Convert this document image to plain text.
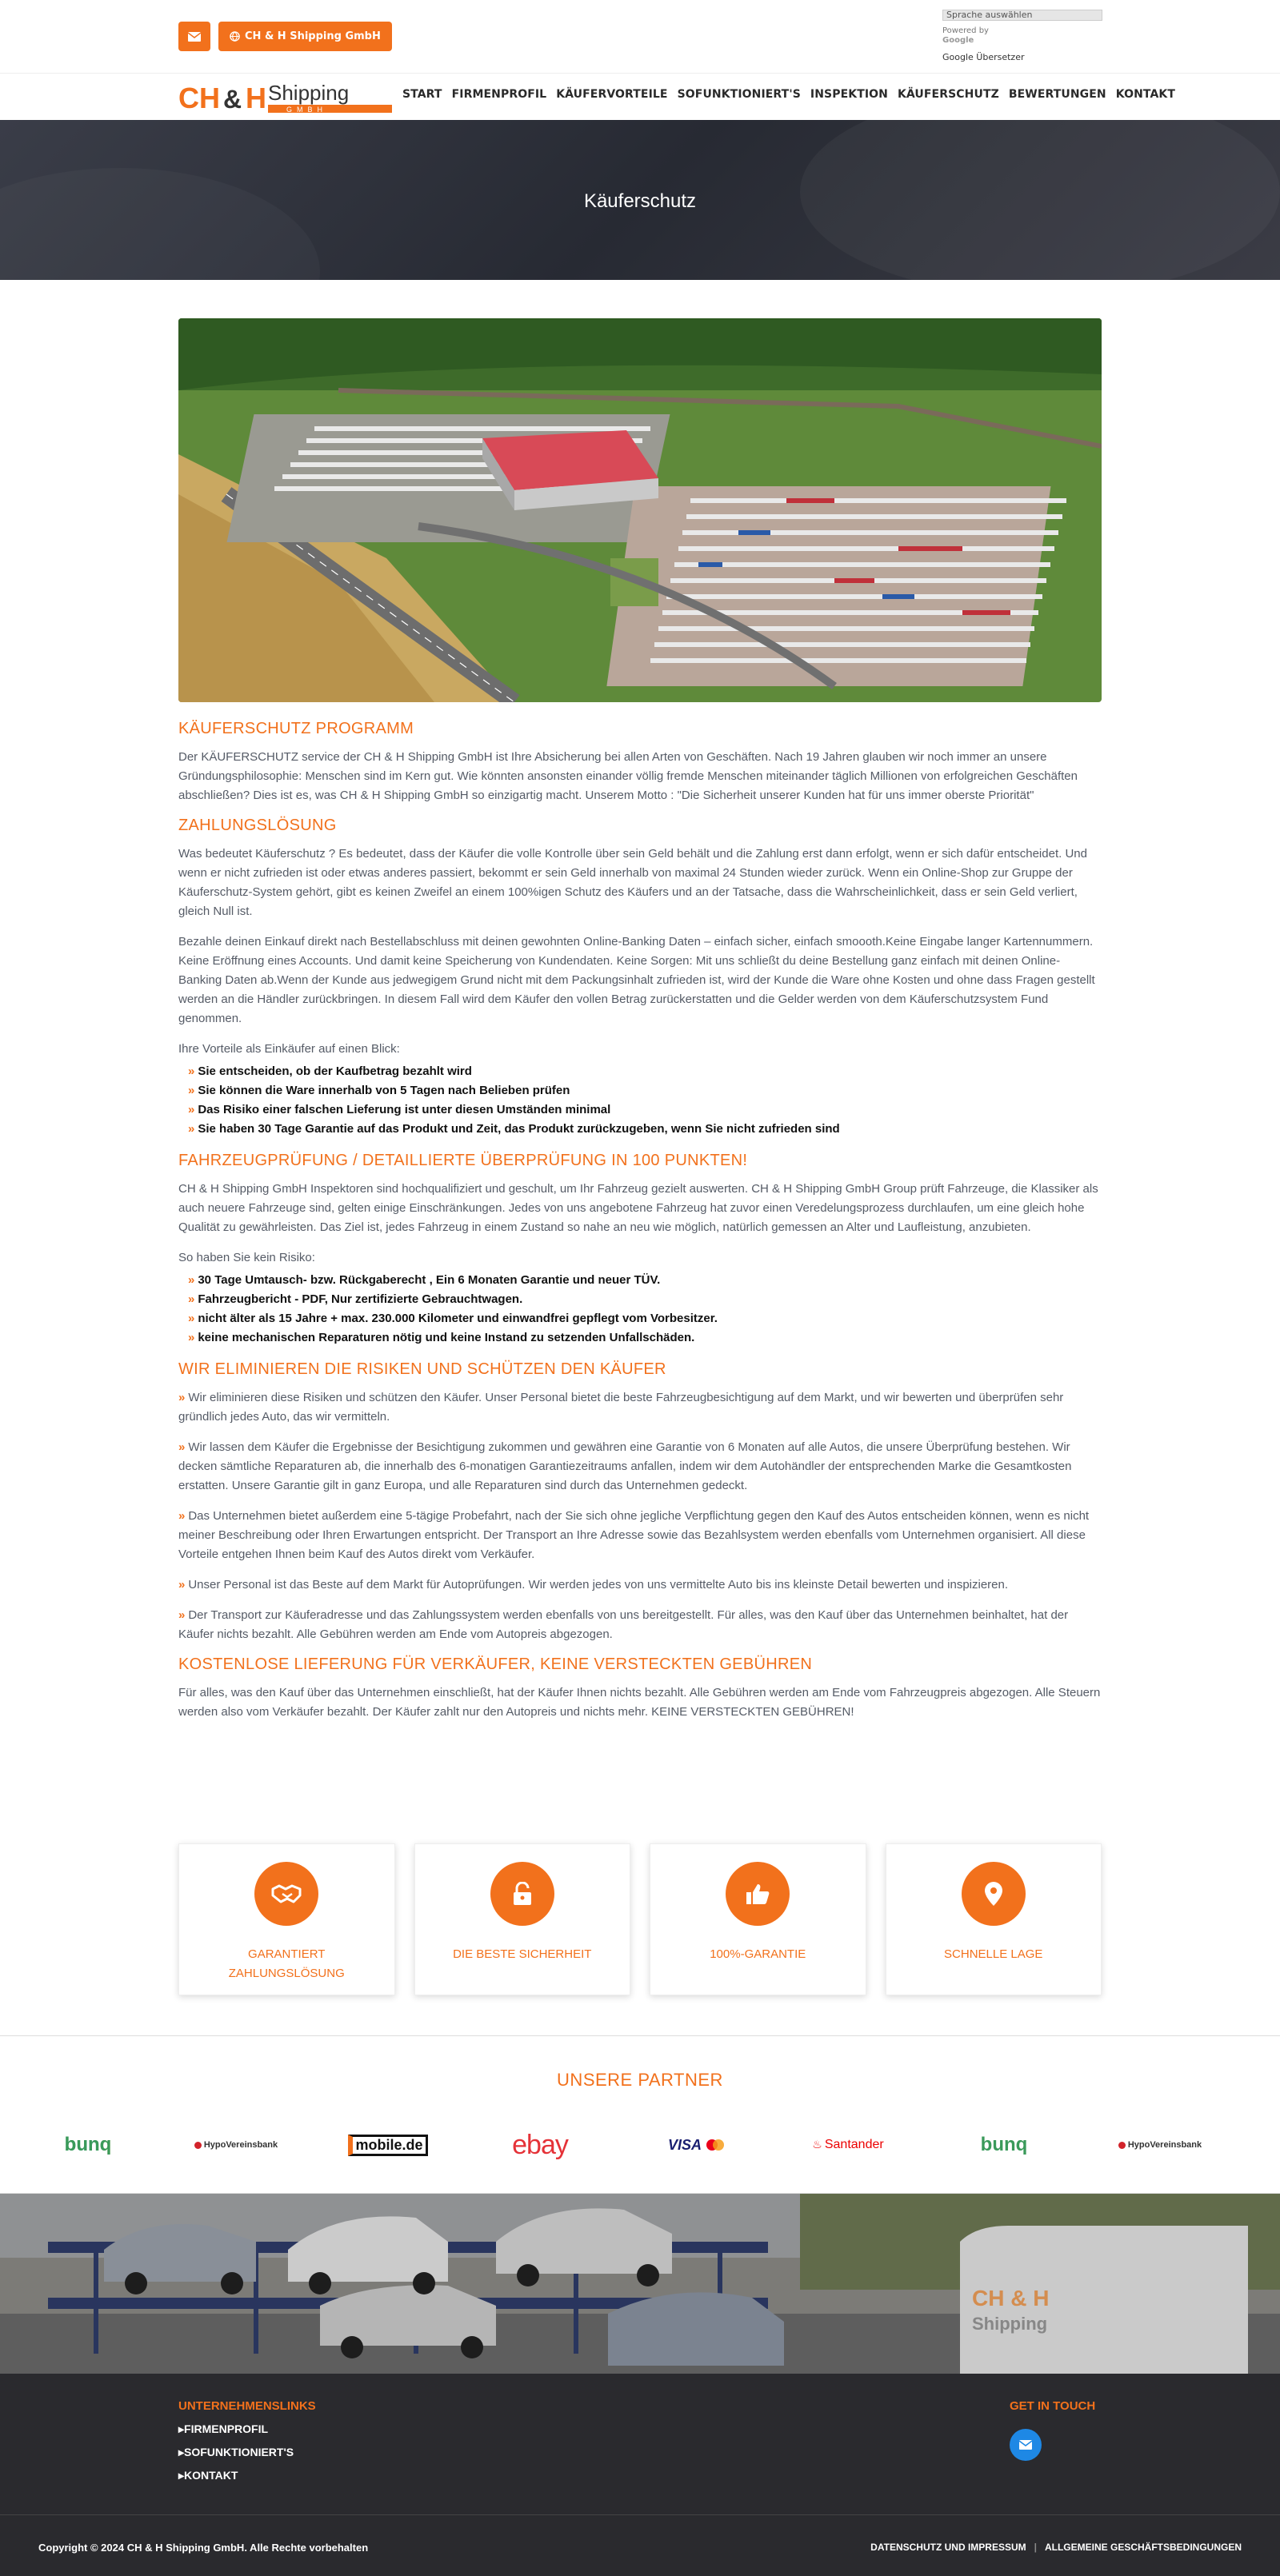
CH & H Shipping GmbH
Sprache auswählen
Powered by
Google
Google Übersetzer
CH & H Shipping
GMBH
START FIRMENPROFIL KÄUFERVORTEILE SOFUNKTIONIERT'S INSPEKTION KÄUFERSCHUTZ BEWERTUNGEN KONTAKT
Käuferschutz
KÄUFERSCHUTZ PROGRAMM

Der KÄUFERSCHUTZ service der CH & H Shipping GmbH ist Ihre Absicherung bei allen Arten von Geschäften. Nach 19 Jahren glauben wir noch immer an unsere Gründungsphilosophie: Menschen sind im Kern gut. Wie könnten ansonsten einander völlig fremde Menschen miteinander täglich Millionen von erfolgreichen Geschäften abschließen? Dies ist es, was CH & H Shipping GmbH so einzigartig macht. Unserem Motto : "Die Sicherheit unserer Kunden hat für uns immer oberste Priorität"

ZAHLUNGSLÖSUNG

Was bedeutet Käuferschutz ? Es bedeutet, dass der Käufer die volle Kontrolle über sein Geld behält und die Zahlung erst dann erfolgt, wenn er sich dafür entscheidet. Und wenn er nicht zufrieden ist oder etwas anderes passiert, bekommt er sein Geld innerhalb von maximal 24 Stunden wieder zurück. Wenn ein Online-Shop zur Gruppe der Käuferschutz-System gehört, gibt es keinen Zweifel an einem 100%igen Schutz des Käufers und an der Tatsache, dass die Wahrscheinlichkeit, dass er sein Geld verliert, gleich Null ist.

Bezahle deinen Einkauf direkt nach Bestellabschluss mit deinen gewohnten Online-Banking Daten – einfach sicher, einfach smoooth.Keine Eingabe langer Kartennummern. Keine Eröffnung eines Accounts. Und damit keine Speicherung von Kundendaten. Keine Sorgen: Mit uns schließt du deine Bestellung ganz einfach mit deinen Online-Banking Daten ab.Wenn der Kunde aus jedwegigem Grund nicht mit dem Packungsinhalt zufrieden ist, wird der Kunde die Ware ohne Kosten und ohne dass Fragen gestellt werden an die Händler zurückbringen. In diesem Fall wird dem Käufer den vollen Betrag zurückerstatten und die Gelder werden von dem Käuferschutzsystem Fund genommen.

Ihre Vorteile als Einkäufer auf einen Blick:

» Sie entscheiden, ob der Kaufbetrag bezahlt wird
» Sie können die Ware innerhalb von 5 Tagen nach Belieben prüfen
» Das Risiko einer falschen Lieferung ist unter diesen Umständen minimal
» Sie haben 30 Tage Garantie auf das Produkt und Zeit, das Produkt zurückzugeben, wenn Sie nicht zufrieden sind
FAHRZEUGPRÜFUNG / DETAILLIERTE ÜBERPRÜFUNG IN 100 PUNKTEN!

CH & H Shipping GmbH Inspektoren sind hochqualifiziert und geschult, um Ihr Fahrzeug gezielt auswerten. CH & H Shipping GmbH Group prüft Fahrzeuge, die Klassiker als auch neuere Fahrzeuge sind, gelten einige Einschränkungen. Jedes von uns angebotene Fahrzeug hat zuvor einen Veredelungsprozess durchlaufen, um eine gleich hohe Qualität zu gewährleisten. Das Ziel ist, jedes Fahrzeug in einem Zustand so nahe an neu wie möglich, natürlich gemessen an Alter und Laufleistung, anzubieten.

So haben Sie kein Risiko:

» 30 Tage Umtausch- bzw. Rückgaberecht , Ein 6 Monaten Garantie und neuer TÜV.
» Fahrzeugbericht - PDF, Nur zertifizierte Gebrauchtwagen.
» nicht älter als 15 Jahre + max. 230.000 Kilometer und einwandfrei gepflegt vom Vorbesitzer.
» keine mechanischen Reparaturen nötig und keine Instand zu setzenden Unfallschäden.
WIR ELIMINIEREN DIE RISIKEN UND SCHÜTZEN DEN KÄUFER

» Wir eliminieren diese Risiken und schützen den Käufer. Unser Personal bietet die beste Fahrzeugbesichtigung auf dem Markt, und wir bewerten und überprüfen sehr gründlich jedes Auto, das wir vermitteln.

» Wir lassen dem Käufer die Ergebnisse der Besichtigung zukommen und gewähren eine Garantie von 6 Monaten auf alle Autos, die unsere Überprüfung bestehen. Wir decken sämtliche Reparaturen ab, die innerhalb des 6-monatigen Garantiezeitraums anfallen, indem wir dem Autohändler der entsprechenden Marke die Gesamtkosten erstatten. Unsere Garantie gilt in ganz Europa, und alle Reparaturen sind durch das Unternehmen gedeckt.

» Das Unternehmen bietet außerdem eine 5-tägige Probefahrt, nach der Sie sich ohne jegliche Verpflichtung gegen den Kauf des Autos entscheiden können, wenn es nicht meiner Beschreibung oder Ihren Erwartungen entspricht. Der Transport an Ihre Adresse sowie das Bezahlsystem werden ebenfalls vom Unternehmen organisiert. All diese Vorteile entgehen Ihnen beim Kauf des Autos direkt vom Verkäufer.

» Unser Personal ist das Beste auf dem Markt für Autoprüfungen. Wir werden jedes von uns vermittelte Auto bis ins kleinste Detail bewerten und inspizieren.

» Der Transport zur Käuferadresse und das Zahlungssystem werden ebenfalls von uns bereitgestellt. Für alles, was den Kauf über das Unternehmen beinhaltet, hat der Käufer nichts bezahlt. Alle Gebühren werden am Ende vom Autopreis abgezogen.

KOSTENLOSE LIEFERUNG FÜR VERKÄUFER, KEINE VERSTECKTEN GEBÜHREN

Für alles, was den Kauf über das Unternehmen einschließt, hat der Käufer Ihnen nichts bezahlt. Alle Gebühren werden am Ende vom Fahrzeugpreis abgezogen. Alle Steuern werden also vom Verkäufer bezahlt. Der Käufer zahlt nur den Autopreis und nichts mehr. KEINE VERSTECKTEN GEBÜHREN!

GARANTIERT
ZAHLUNGSLÖSUNG
DIE BESTE SICHERHEIT	100%-GARANTIE	SCHNELLE LAGE
UNSERE PARTNER
bunq	HypoVereinsbank	mobile.de	ebay	VISA	♨ Santander	bunq	HypoVereinsbank
CH & H
Shipping
UNTERNEHMENSLINKS
▸FIRMENPROFIL
▸SOFUNKTIONIERT'S
▸KONTAKT
GET IN TOUCH
Copyright © 2024 CH & H Shipping GmbH. Alle Rechte vorbehalten	DATENSCHUTZ UND IMPRESSUM | ALLGEMEINE GESCHÄFTSBEDINGUNGEN
